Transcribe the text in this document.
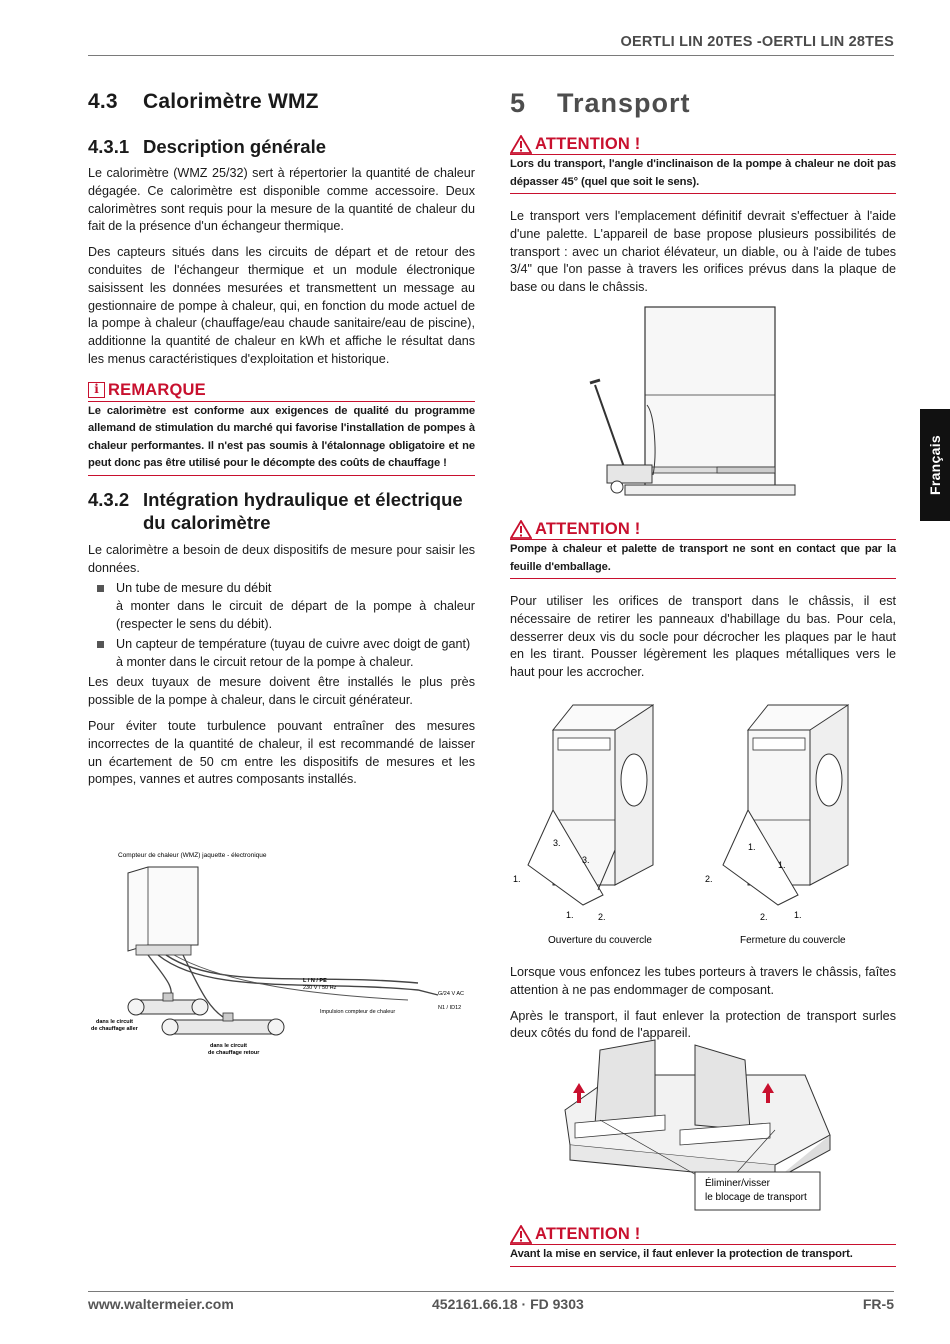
OERTLI LIN 20TES -OERTLI LIN 28TES
4.3 Calorimètre WMZ
4.3.1 Description générale

Le calorimètre (WMZ 25/32) sert à répertorier la quantité de chaleur dégagée. Ce calorimètre est disponible comme accessoire. Deux calorimètres sont requis pour la mesure de la quantité de chaleur du fait de la présence d'un échangeur thermique.

Des capteurs situés dans les circuits de départ et de retour des conduites de l'échangeur thermique et un module électronique saisissent les données mesurées et transmettent un message au gestionnaire de pompe à chaleur, qui, en fonction du mode actuel de la pompe à chaleur (chauffage/eau chaude sanitaire/eau de piscine), additionne la quantité de chaleur en kWh et affiche le résultat dans les menus caractéristiques d'exploitation et historique.

i REMARQUE
Le calorimètre est conforme aux exigences de qualité du programme allemand de stimulation du marché qui favorise l'installation de pompes à chaleur performantes. Il n'est pas soumis à l'étalonnage obligatoire et ne peut donc pas être utilisé pour le décompte des coûts de chauffage !
4.3.2 Intégration hydraulique et électrique
du calorimètre

Le calorimètre a besoin de deux dispositifs de mesure pour saisir les données.

Un tube de mesure du débit
à monter dans le circuit de départ de la pompe à chaleur (respecter le sens du débit).
Un capteur de température (tuyau de cuivre avec doigt de gant)
à monter dans le circuit retour de la pompe à chaleur.

Les deux tuyaux de mesure doivent être installés le plus près possible de la pompe à chaleur, dans le circuit générateur.

Pour éviter toute turbulence pouvant entraîner des mesures incorrectes de la quantité de chaleur, il est recommandé de laisser un écartement de 50 cm entre les dispositifs de mesures et les pompes, vannes et autres composants installés.

Compteur de chaleur (WMZ) jaquette - électronique
L / N / PE
230 V / 50 Hz
Impulsion compteur de chaleur
G/24 V AC
N1 / ID12
dans le circuit
de chauffage aller
dans le circuit
de chauffage retour
5 Transport
ATTENTION !
Lors du transport, l'angle d'inclinaison de la pompe à chaleur ne doit pas dépasser 45° (quel que soit le sens).

Le transport vers l'emplacement définitif devrait s'effectuer à l'aide d'une palette. L'appareil de base propose plusieurs possibilités de transport : avec un chariot élévateur, un diable, ou à l'aide de tubes 3/4" que l'on passe à travers les orifices prévus dans la plaque de base ou dans le châssis.

ATTENTION !
Pompe à chaleur et palette de transport ne sont en contact que par la feuille d'emballage.

Pour utiliser les orifices de transport dans le châssis, il est nécessaire de retirer les panneaux d'habillage du bas. Pour cela, desserrer deux vis du socle pour décrocher les plaques par le haut en les tirant. Pousser légèrement les plaques métalliques vers le haut pour les accrocher.

3.
3.
1.
1.	2.
Ouverture du couvercle
1.
1.
2.
2.	1.
Fermeture du couvercle

Lorsque vous enfoncez les tubes porteurs à travers le châssis, faîtes attention à ne pas endommager de composant.

Après le transport, il faut enlever la protection de transport surles deux côtés du fond de l'appareil.

Éliminer/visser
le blocage de transport
ATTENTION !
Avant la mise en service, il faut enlever la protection de transport.
Français
www.waltermeier.com	452161.66.18 · FD 9303	FR-5
